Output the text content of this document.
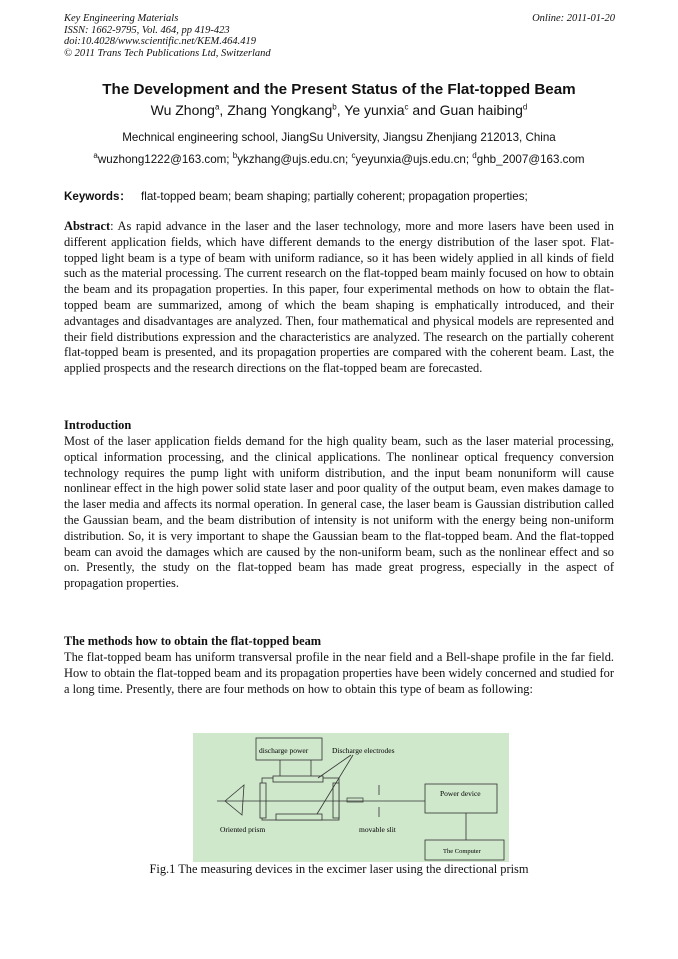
Key Engineering Materials
ISSN: 1662-9795, Vol. 464, pp 419-423
doi:10.4028/www.scientific.net/KEM.464.419
© 2011 Trans Tech Publications Ltd, Switzerland
Online: 2011-01-20
The Development and the Present Status of the Flat-topped Beam
Wu Zhong$^a$, Zhang Yongkang$^b$, Ye yunxia$^c$ and Guan haibing$^d$
Mechnical engineering school, JiangSu University, Jiangsu Zhenjiang 212013, China
$^a$wuzhong1222@163.com; $^b$ykzhang@ujs.edu.cn; $^c$yeyunxia@ujs.edu.cn; $^d$ghb_2007@163.com
Keywords： flat-topped beam; beam shaping; partially coherent; propagation properties;
Abstract: As rapid advance in the laser and the laser technology, more and more lasers have been used in different application fields, which have different demands to the energy distribution of the laser spot. Flat-topped light beam is a type of beam with uniform radiance, so it has been widely applied in all kinds of field such as the material processing. The current research on the flat-topped beam mainly focused on how to obtain the beam and its propagation properties. In this paper, four experimental methods on how to obtain the flat-topped beam are summarized, among of which the beam shaping is emphatically introduced, and their advantages and disadvantages are analyzed. Then, four mathematical and physical models are represented and their field distributions expression and the characteristics are analyzed. The research on the partially coherent flat-topped beam is presented, and its propagation properties are compared with the coherent beam. Last, the applied prospects and the research directions on the flat-topped beam are forecasted.
Introduction
Most of the laser application fields demand for the high quality beam, such as the laser material processing, optical information processing, and the clinical applications. The nonlinear optical frequency conversion technology requires the pump light with uniform distribution, and the input beam nonuniform will cause nonlinear effect in the high power solid state laser and poor quality of the output beam, even makes damage to the laser media and affects its normal operation. In general case, the laser beam is Gaussian distribution called the Gaussian beam, and the beam distribution of intensity is not uniform with the energy being non-uniform distribution. So, it is very important to shape the Gaussian beam to the flat-topped beam. And the flat-topped beam can avoid the damages which are caused by the non-uniform beam, such as the nonlinear effect and so on. Presently, the study on the flat-topped beam has made great progress, especially in the aspect of propagation properties.
The methods how to obtain the flat-topped beam
The flat-topped beam has uniform transversal profile in the near field and a Bell-shape profile in the far field. How to obtain the flat-topped beam and its propagation properties have been widely concerned and studied for a long time. Presently, there are four methods on how to obtain this type of beam as following:
discharge power	Discharge electrodes
Power device
The Computer
Oriented prism	movable slit
Fig.1 The measuring devices in the excimer laser using the directional prism
